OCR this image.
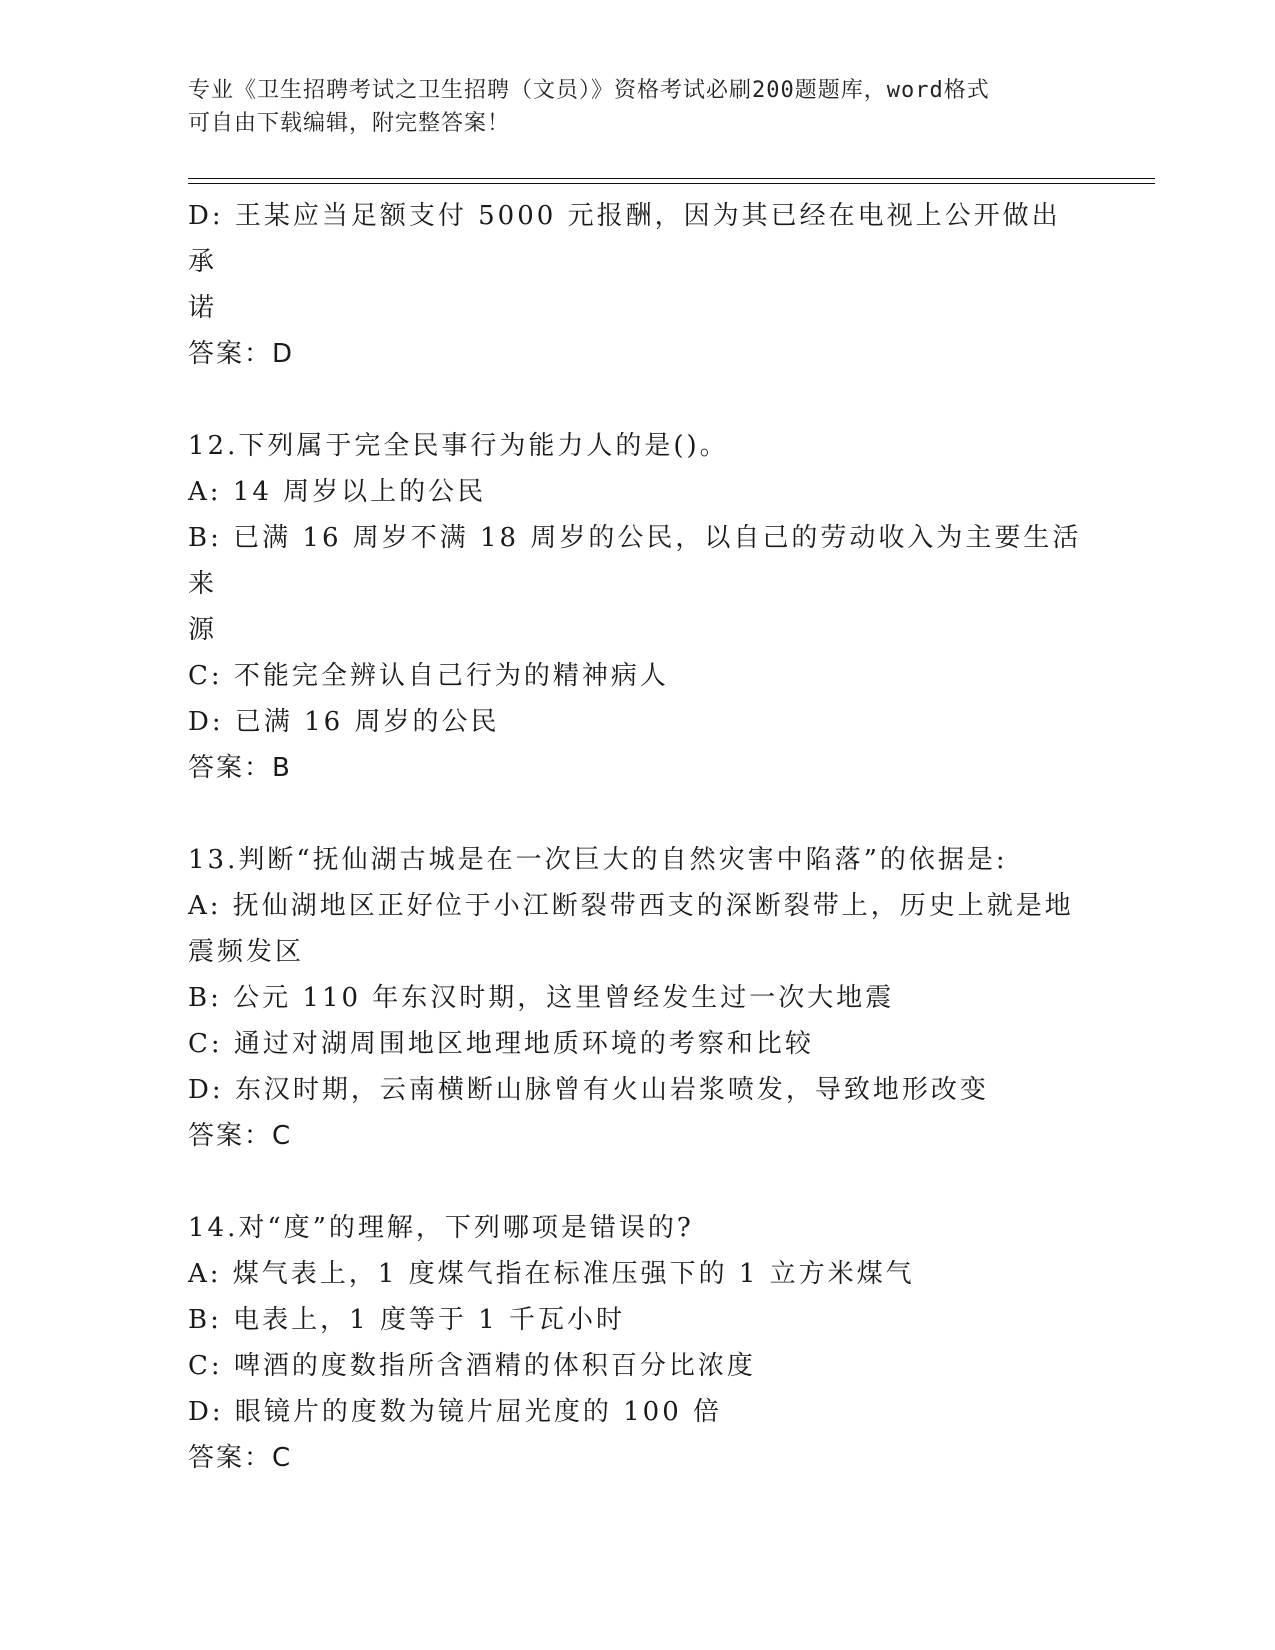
专业《卫生招聘考试之卫生招聘（文员）》资格考试必刷200题题库，word格式
可自由下载编辑，附完整答案！
D: 王某应当足额支付 5000 元报酬，因为其已经在电视上公开做出承
诺
答案：D
12.下列属于完全民事行为能力人的是()。
A: 14 周岁以上的公民
B: 已满 16 周岁不满 18 周岁的公民，以自己的劳动收入为主要生活来
源
C: 不能完全辨认自己行为的精神病人
D: 已满 16 周岁的公民
答案：B
13.判断“抚仙湖古城是在一次巨大的自然灾害中陷落”的依据是:
A: 抚仙湖地区正好位于小江断裂带西支的深断裂带上，历史上就是地
震频发区
B: 公元 110 年东汉时期，这里曾经发生过一次大地震
C: 通过对湖周围地区地理地质环境的考察和比较
D: 东汉时期，云南横断山脉曾有火山岩浆喷发，导致地形改变
答案：C
14.对“度”的理解，下列哪项是错误的?
A: 煤气表上，1 度煤气指在标准压强下的 1 立方米煤气
B: 电表上，1 度等于 1 千瓦小时
C: 啤酒的度数指所含酒精的体积百分比浓度
D: 眼镜片的度数为镜片屈光度的 100 倍
答案：C
